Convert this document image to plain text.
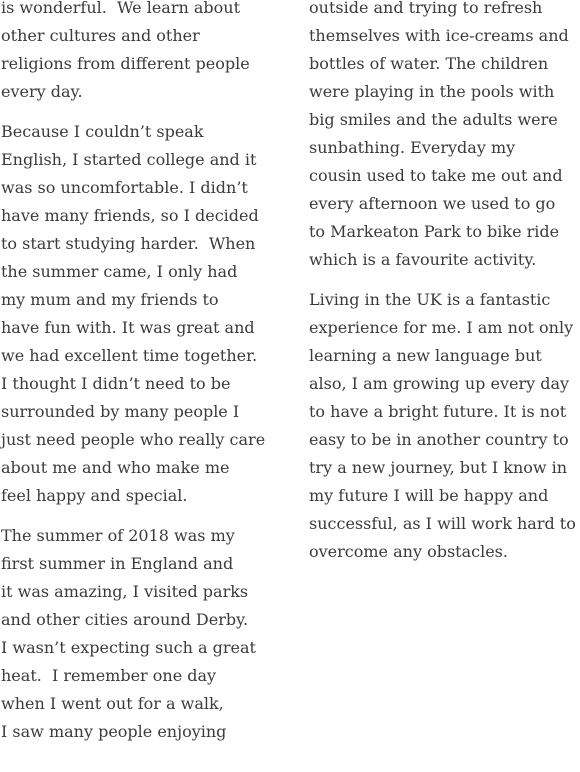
is wonderful.  We learn about
other cultures and other
religions from different people
every day.

Because I couldn’t speak
English, I started college and it
was so uncomfortable. I didn’t
have many friends, so I decided
to start studying harder.  When
the summer came, I only had
my mum and my friends to
have fun with. It was great and
we had excellent time together.
I thought I didn’t need to be
surrounded by many people I
just need people who really care
about me and who make me
feel happy and special.

The summer of 2018 was my
first summer in England and
it was amazing, I visited parks
and other cities around Derby.
I wasn’t expecting such a great
heat.  I remember one day
when I went out for a walk,
I saw many people enjoying

outside and trying to refresh
themselves with ice-creams and
bottles of water. The children
were playing in the pools with
big smiles and the adults were
sunbathing. Everyday my
cousin used to take me out and
every afternoon we used to go
to Markeaton Park to bike ride
which is a favourite activity.

Living in the UK is a fantastic
experience for me. I am not only
learning a new language but
also, I am growing up every day
to have a bright future. It is not
easy to be in another country to
try a new journey, but I know in
my future I will be happy and
successful, as I will work hard to
overcome any obstacles.
